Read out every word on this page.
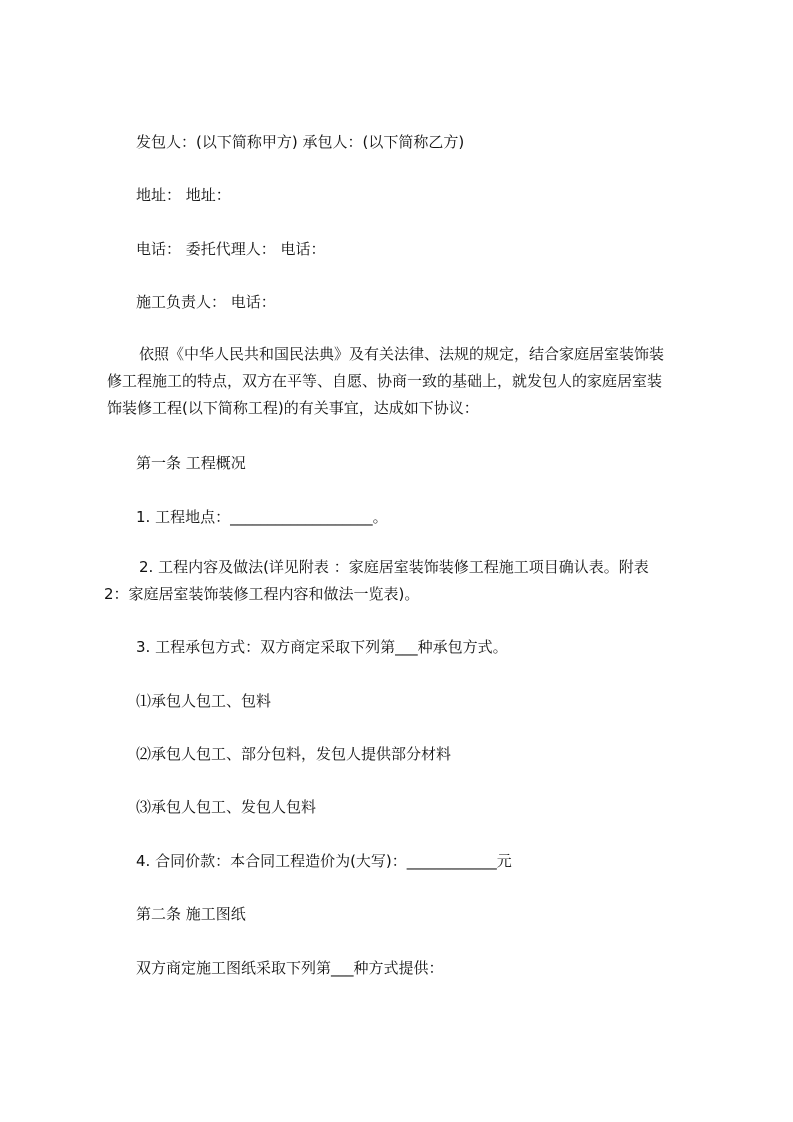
发包人：(以下简称甲方) 承包人：(以下简称乙方)
地址： 地址：
电话： 委托代理人： 电话：
施工负责人： 电话：
依照《中华人民共和国民法典》及有关法律、法规的规定，结合家庭居室装饰装
修工程施工的特点，双方在平等、自愿、协商一致的基础上，就发包人的家庭居室装
饰装修工程(以下简称工程)的有关事宜，达成如下协议：
第一条 工程概况
1. 工程地点：___________________。
2. 工程内容及做法(详见附表 ：家庭居室装饰装修工程施工项目确认表。附表
2：家庭居室装饰装修工程内容和做法一览表)。
3. 工程承包方式：双方商定采取下列第___种承包方式。
⑴承包人包工、包料
⑵承包人包工、部分包料，发包人提供部分材料
⑶承包人包工、发包人包料
4. 合同价款：本合同工程造价为(大写)：____________元
第二条 施工图纸
双方商定施工图纸采取下列第___种方式提供：
